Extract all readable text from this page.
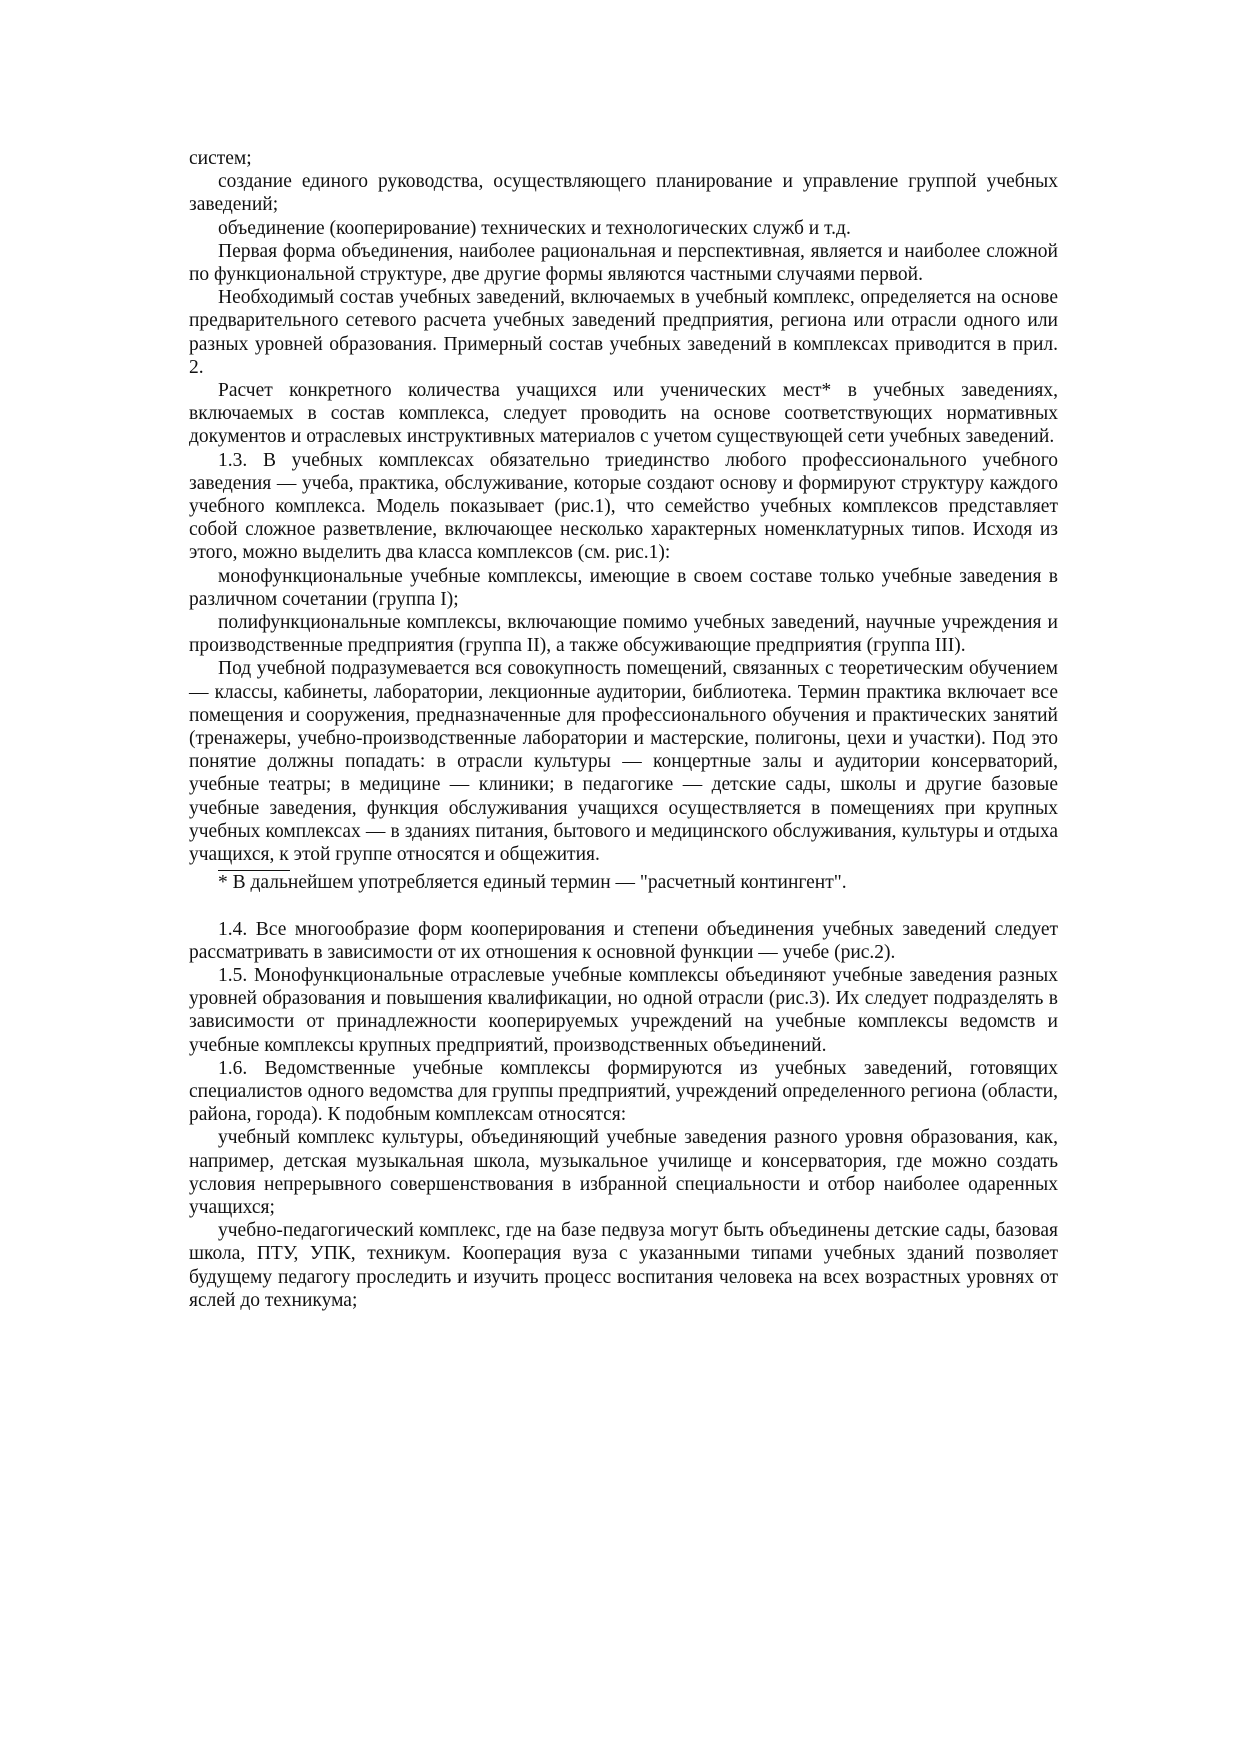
систем;

создание единого руководства, осуществляющего планирование и управление группой учебных заведений;

объединение (кооперирование) технических и технологических служб и т.д.

Первая форма объединения, наиболее рациональная и перспективная, является и наиболее сложной по функциональной структуре, две другие формы являются частными случаями первой.

Необходимый состав учебных заведений, включаемых в учебный комплекс, определяется на основе предварительного сетевого расчета учебных заведений предприятия, региона или отрасли одного или разных уровней образования. Примерный состав учебных заведений в комплексах приводится в прил. 2.

Расчет конкретного количества учащихся или ученических мест* в учебных заведениях, включаемых в состав комплекса, следует проводить на основе соответствующих нормативных документов и отраслевых инструктивных материалов с учетом существующей сети учебных заведений.

1.3. В учебных комплексах обязательно триединство любого профессионального учебного заведения — учеба, практика, обслуживание, которые создают основу и формируют структуру каждого учебного комплекса. Модель показывает (рис.1), что семейство учебных комплексов представляет собой сложное разветвление, включающее несколько характерных номенклатурных типов. Исходя из этого, можно выделить два класса комплексов (см. рис.1):

монофункциональные учебные комплексы, имеющие в своем составе только учебные заведения в различном сочетании (группа I);

полифункциональные комплексы, включающие помимо учебных заведений, научные учреждения и производственные предприятия (группа II), а также обсуживающие предприятия (группа III).

Под учебной подразумевается вся совокупность помещений, связанных с теоретическим обучением — классы, кабинеты, лаборатории, лекционные аудитории, библиотека. Термин практика включает все помещения и сооружения, предназначенные для профессионального обучения и практических занятий (тренажеры, учебно-производственные лаборатории и мастерские, полигоны, цехи и участки). Под это понятие должны попадать: в отрасли культуры — концертные залы и аудитории консерваторий, учебные театры; в медицине — клиники; в педагогике — детские сады, школы и другие базовые учебные заведения, функция обслуживания учащихся осуществляется в помещениях при крупных учебных комплексах — в зданиях питания, бытового и медицинского обслуживания, культуры и отдыха учащихся, к этой группе относятся и общежития.

* В дальнейшем употребляется единый термин — "расчетный контингент".

1.4. Все многообразие форм кооперирования и степени объединения учебных заведений следует рассматривать в зависимости от их отношения к основной функции — учебе (рис.2).

1.5. Монофункциональные отраслевые учебные комплексы объединяют учебные заведения разных уровней образования и повышения квалификации, но одной отрасли (рис.3). Их следует подразделять в зависимости от принадлежности кооперируемых учреждений на учебные комплексы ведомств и учебные комплексы крупных предприятий, производственных объединений.

1.6. Ведомственные учебные комплексы формируются из учебных заведений, готовящих специалистов одного ведомства для группы предприятий, учреждений определенного региона (области, района, города). К подобным комплексам относятся:

учебный комплекс культуры, объединяющий учебные заведения разного уровня образования, как, например, детская музыкальная школа, музыкальное училище и консерватория, где можно создать условия непрерывного совершенствования в избранной специальности и отбор наиболее одаренных учащихся;

учебно-педагогический комплекс, где на базе педвуза могут быть объединены детские сады, базовая школа, ПТУ, УПК, техникум. Кооперация вуза с указанными типами учебных зданий позволяет будущему педагогу проследить и изучить процесс воспитания человека на всех возрастных уровнях от яслей до техникума;
